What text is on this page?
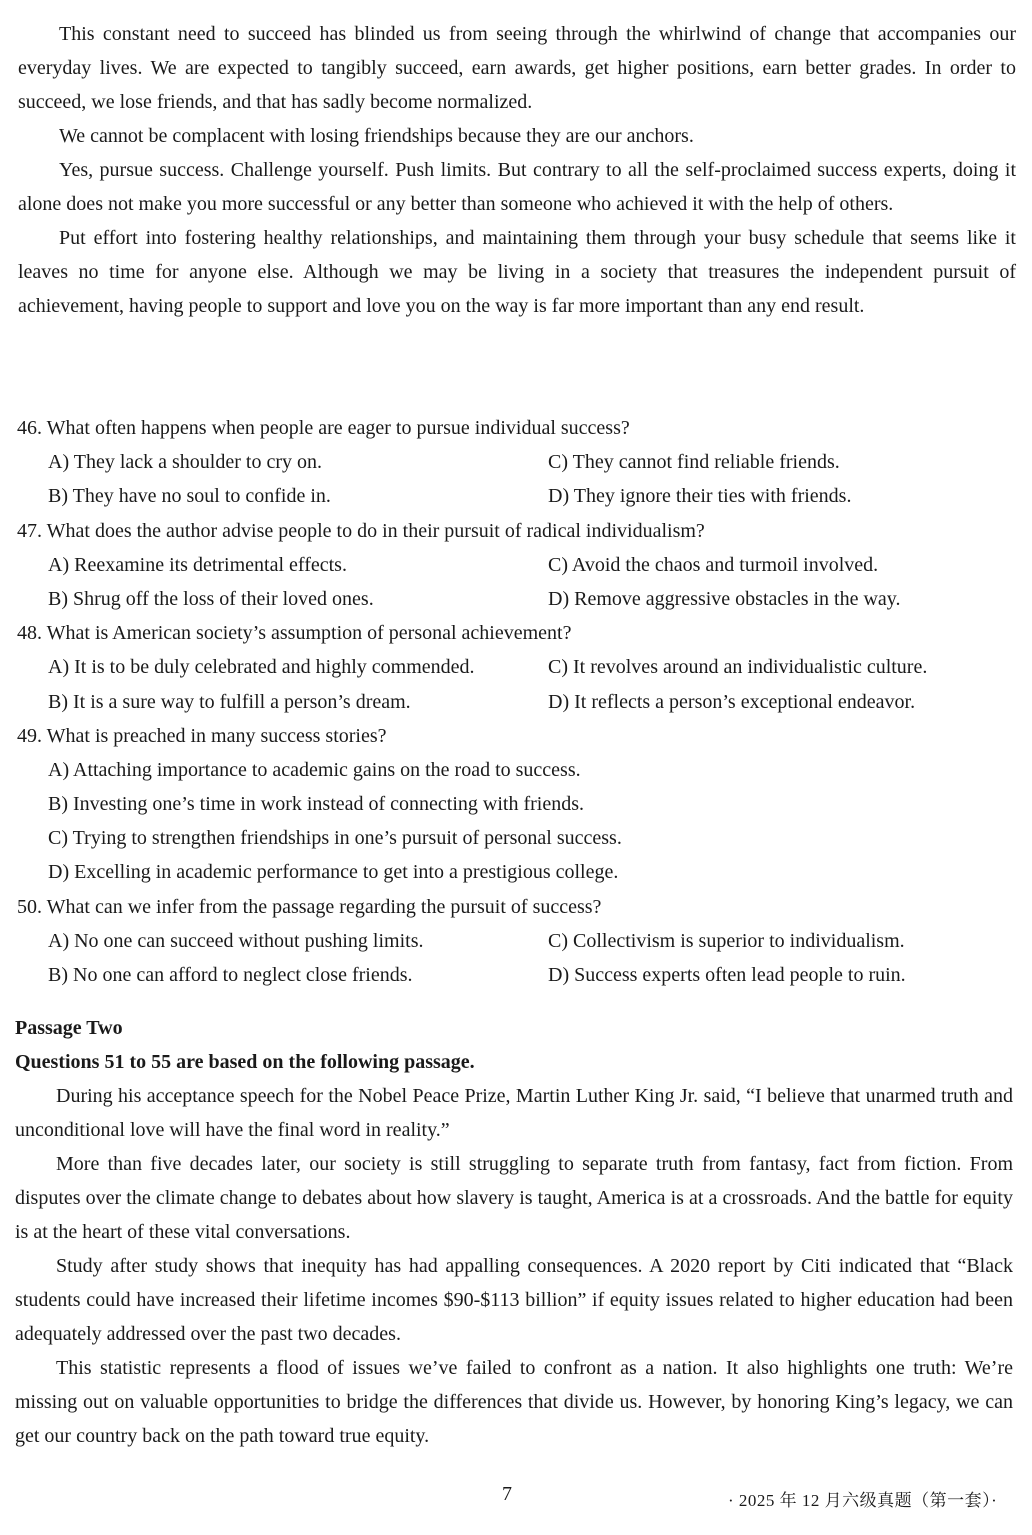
This constant need to succeed has blinded us from seeing through the whirlwind of change that accompanies our everyday lives. We are expected to tangibly succeed, earn awards, get higher positions, earn better grades. In order to succeed, we lose friends, and that has sadly become normalized.

We cannot be complacent with losing friendships because they are our anchors.

Yes, pursue success. Challenge yourself. Push limits. But contrary to all the self-proclaimed success experts, doing it alone does not make you more successful or any better than someone who achieved it with the help of others.

Put effort into fostering healthy relationships, and maintaining them through your busy schedule that seems like it leaves no time for anyone else. Although we may be living in a society that treasures the independent pursuit of achievement, having people to support and love you on the way is far more important than any end result.

46. What often happens when people are eager to pursue individual success?
A) They lack a shoulder to cry on.	C) They cannot find reliable friends.
B) They have no soul to confide in.	D) They ignore their ties with friends.
47. What does the author advise people to do in their pursuit of radical individualism?
A) Reexamine its detrimental effects.	C) Avoid the chaos and turmoil involved.
B) Shrug off the loss of their loved ones.	D) Remove aggressive obstacles in the way.
48. What is American society’s assumption of personal achievement?
A) It is to be duly celebrated and highly commended.	C) It revolves around an individualistic culture.
B) It is a sure way to fulfill a person’s dream.	D) It reflects a person’s exceptional endeavor.
49. What is preached in many success stories?
A) Attaching importance to academic gains on the road to success.
B) Investing one’s time in work instead of connecting with friends.
C) Trying to strengthen friendships in one’s pursuit of personal success.
D) Excelling in academic performance to get into a prestigious college.
50. What can we infer from the passage regarding the pursuit of success?
A) No one can succeed without pushing limits.	C) Collectivism is superior to individualism.
B) No one can afford to neglect close friends.	D) Success experts often lead people to ruin.
Passage Two
Questions 51 to 55 are based on the following passage.

During his acceptance speech for the Nobel Peace Prize, Martin Luther King Jr. said, “I believe that unarmed truth and unconditional love will have the final word in reality.”

More than five decades later, our society is still struggling to separate truth from fantasy, fact from fiction. From disputes over the climate change to debates about how slavery is taught, America is at a crossroads. And the battle for equity is at the heart of these vital conversations.

Study after study shows that inequity has had appalling consequences. A 2020 report by Citi indicated that “Black students could have increased their lifetime incomes $90-$113 billion” if equity issues related to higher education had been adequately addressed over the past two decades.

This statistic represents a flood of issues we’ve failed to confront as a nation. It also highlights one truth: We’re missing out on valuable opportunities to bridge the differences that divide us. However, by honoring King’s legacy, we can get our country back on the path toward true equity.

7	· 2025 年 12 月六级真题（第一套）·
